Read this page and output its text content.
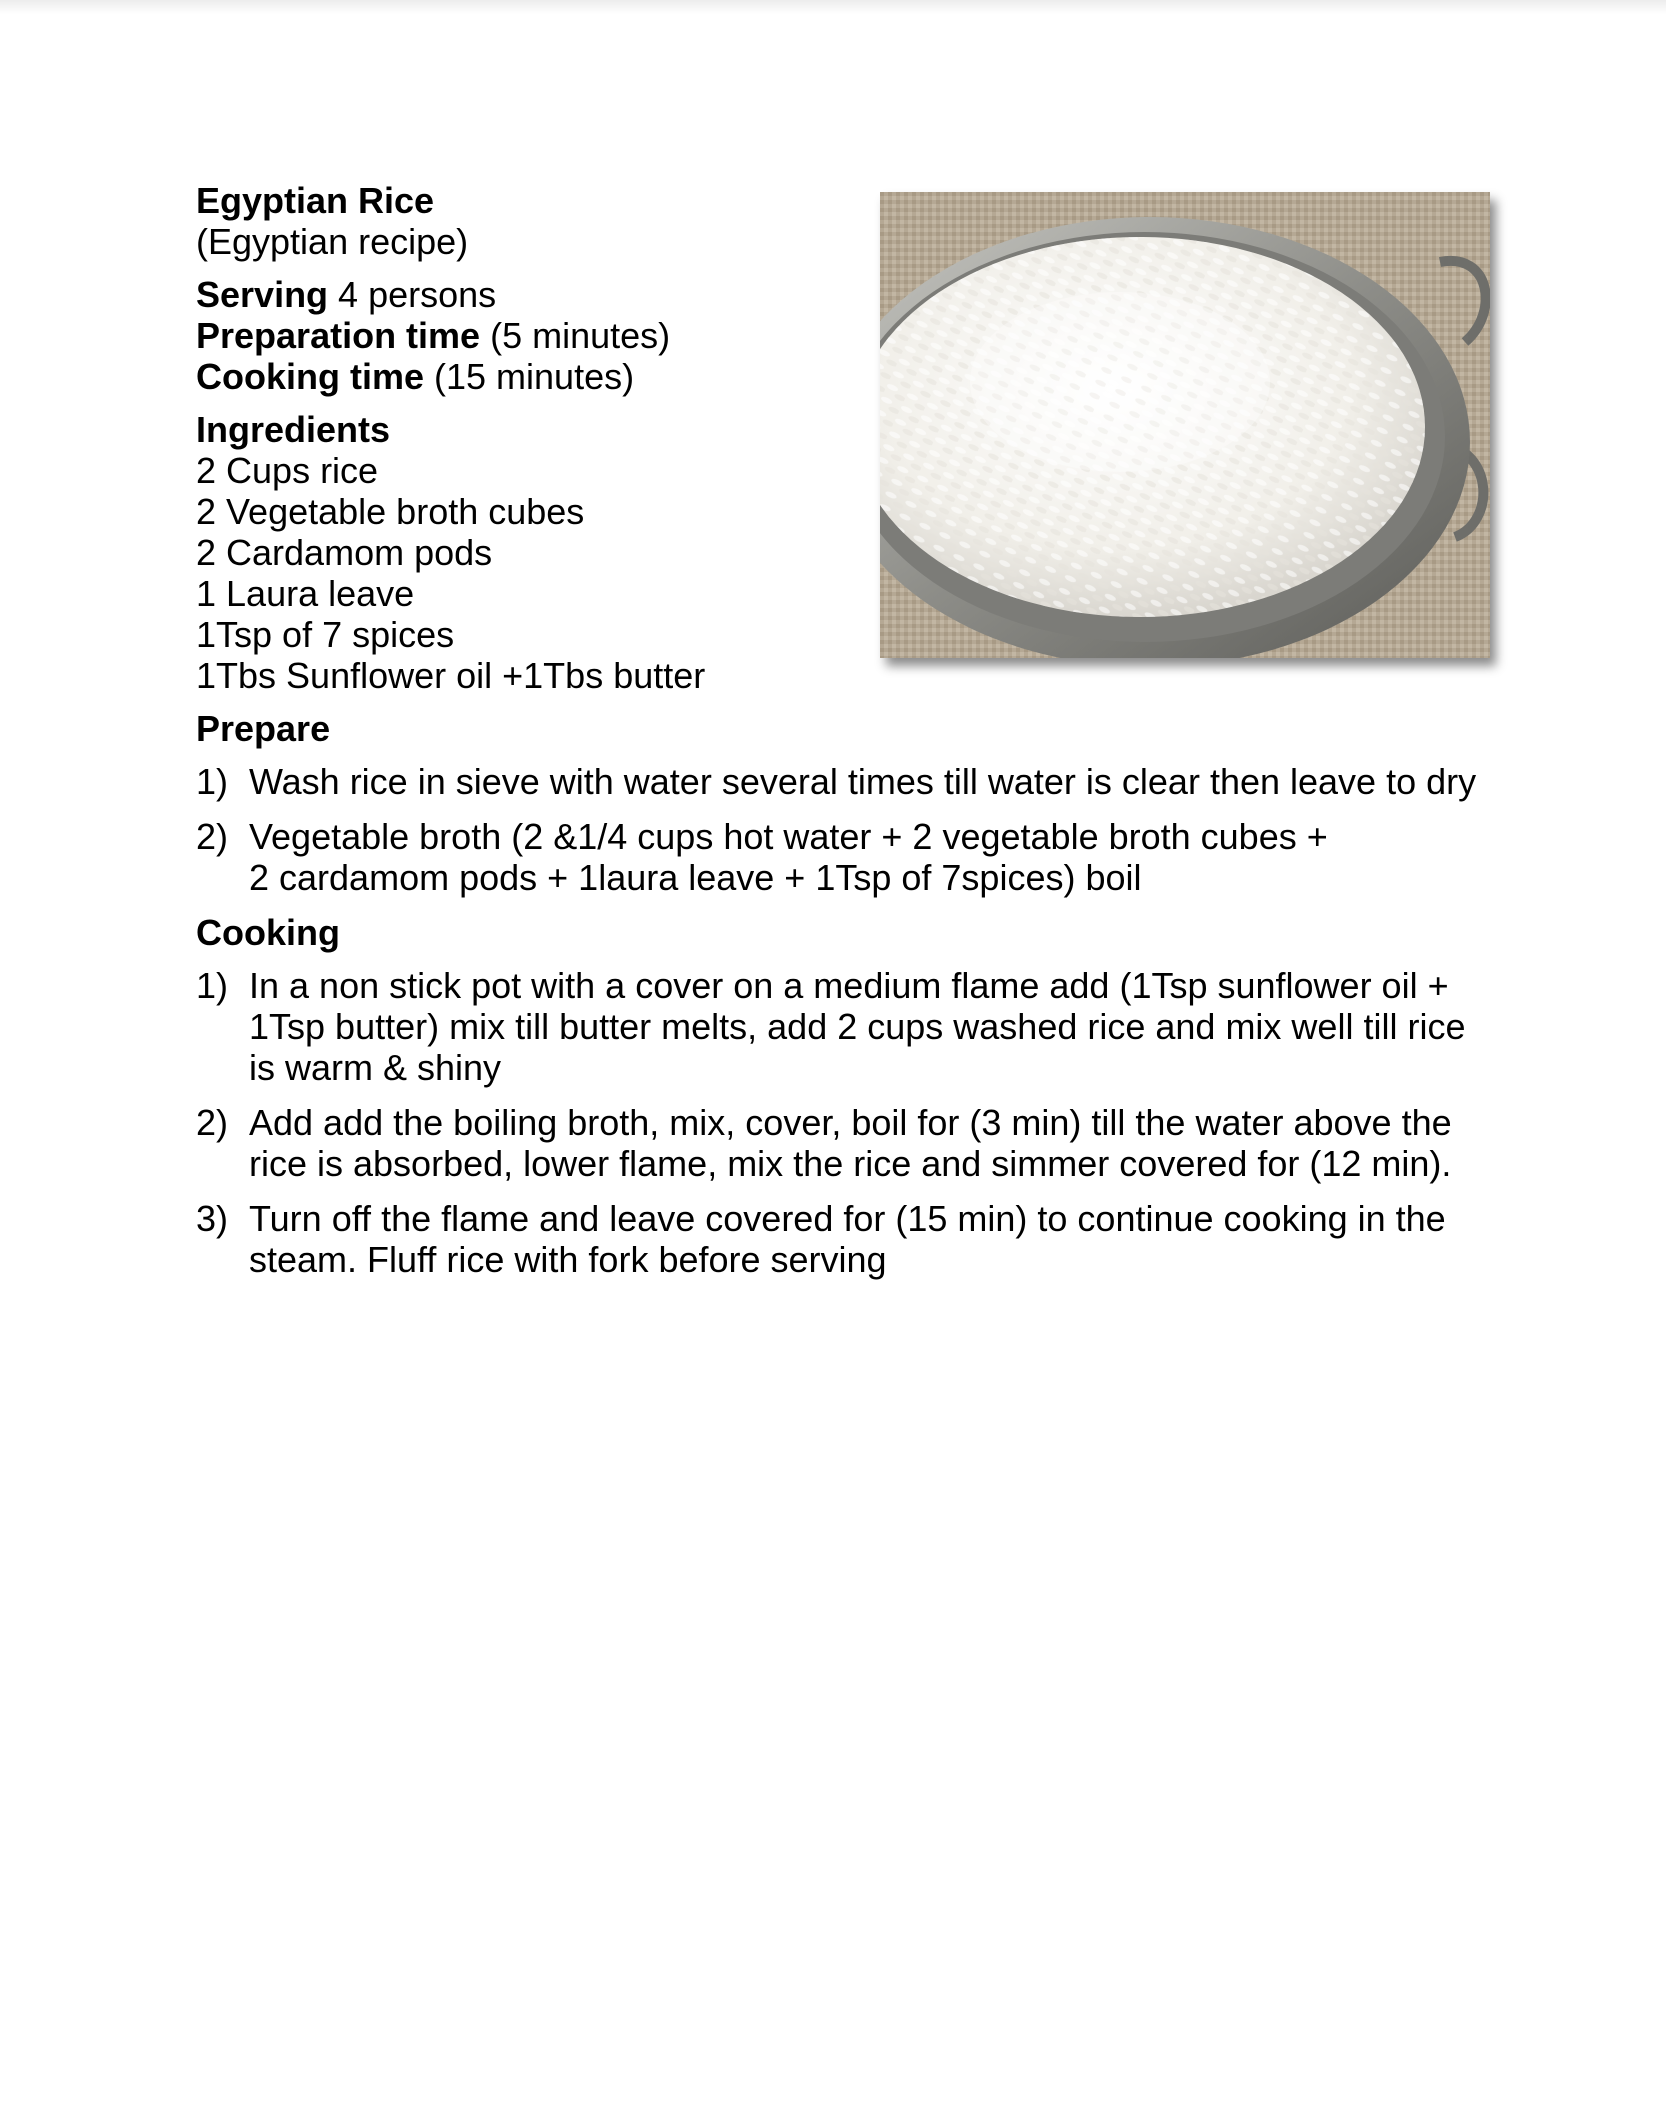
Egyptian Rice

(Egyptian recipe)

Serving 4 persons

Preparation time (5 minutes)

Cooking time (15 minutes)

Ingredients

2 Cups rice

2 Vegetable broth cubes

2 Cardamom pods

1 Laura leave

1Tsp of 7 spices

1Tbs Sunflower oil +1Tbs butter

Prepare

1) Wash rice in sieve with water several times till water is clear then leave to dry
2) Vegetable broth (2 &1/4 cups hot water + 2 vegetable broth cubes +
2 cardamom pods + 1laura leave + 1Tsp of 7spices) boil

Cooking

1) In a non stick pot with a cover on a medium flame add (1Tsp sunflower oil +
1Tsp butter) mix till butter melts, add 2 cups washed rice and mix well till rice
is warm & shiny
2) Add add the boiling broth, mix, cover, boil for (3 min) till the water above the
rice is absorbed, lower flame, mix the rice and simmer covered for (12 min).
3) Turn off the flame and leave covered for (15 min) to continue cooking in the
steam. Fluff rice with fork before serving
